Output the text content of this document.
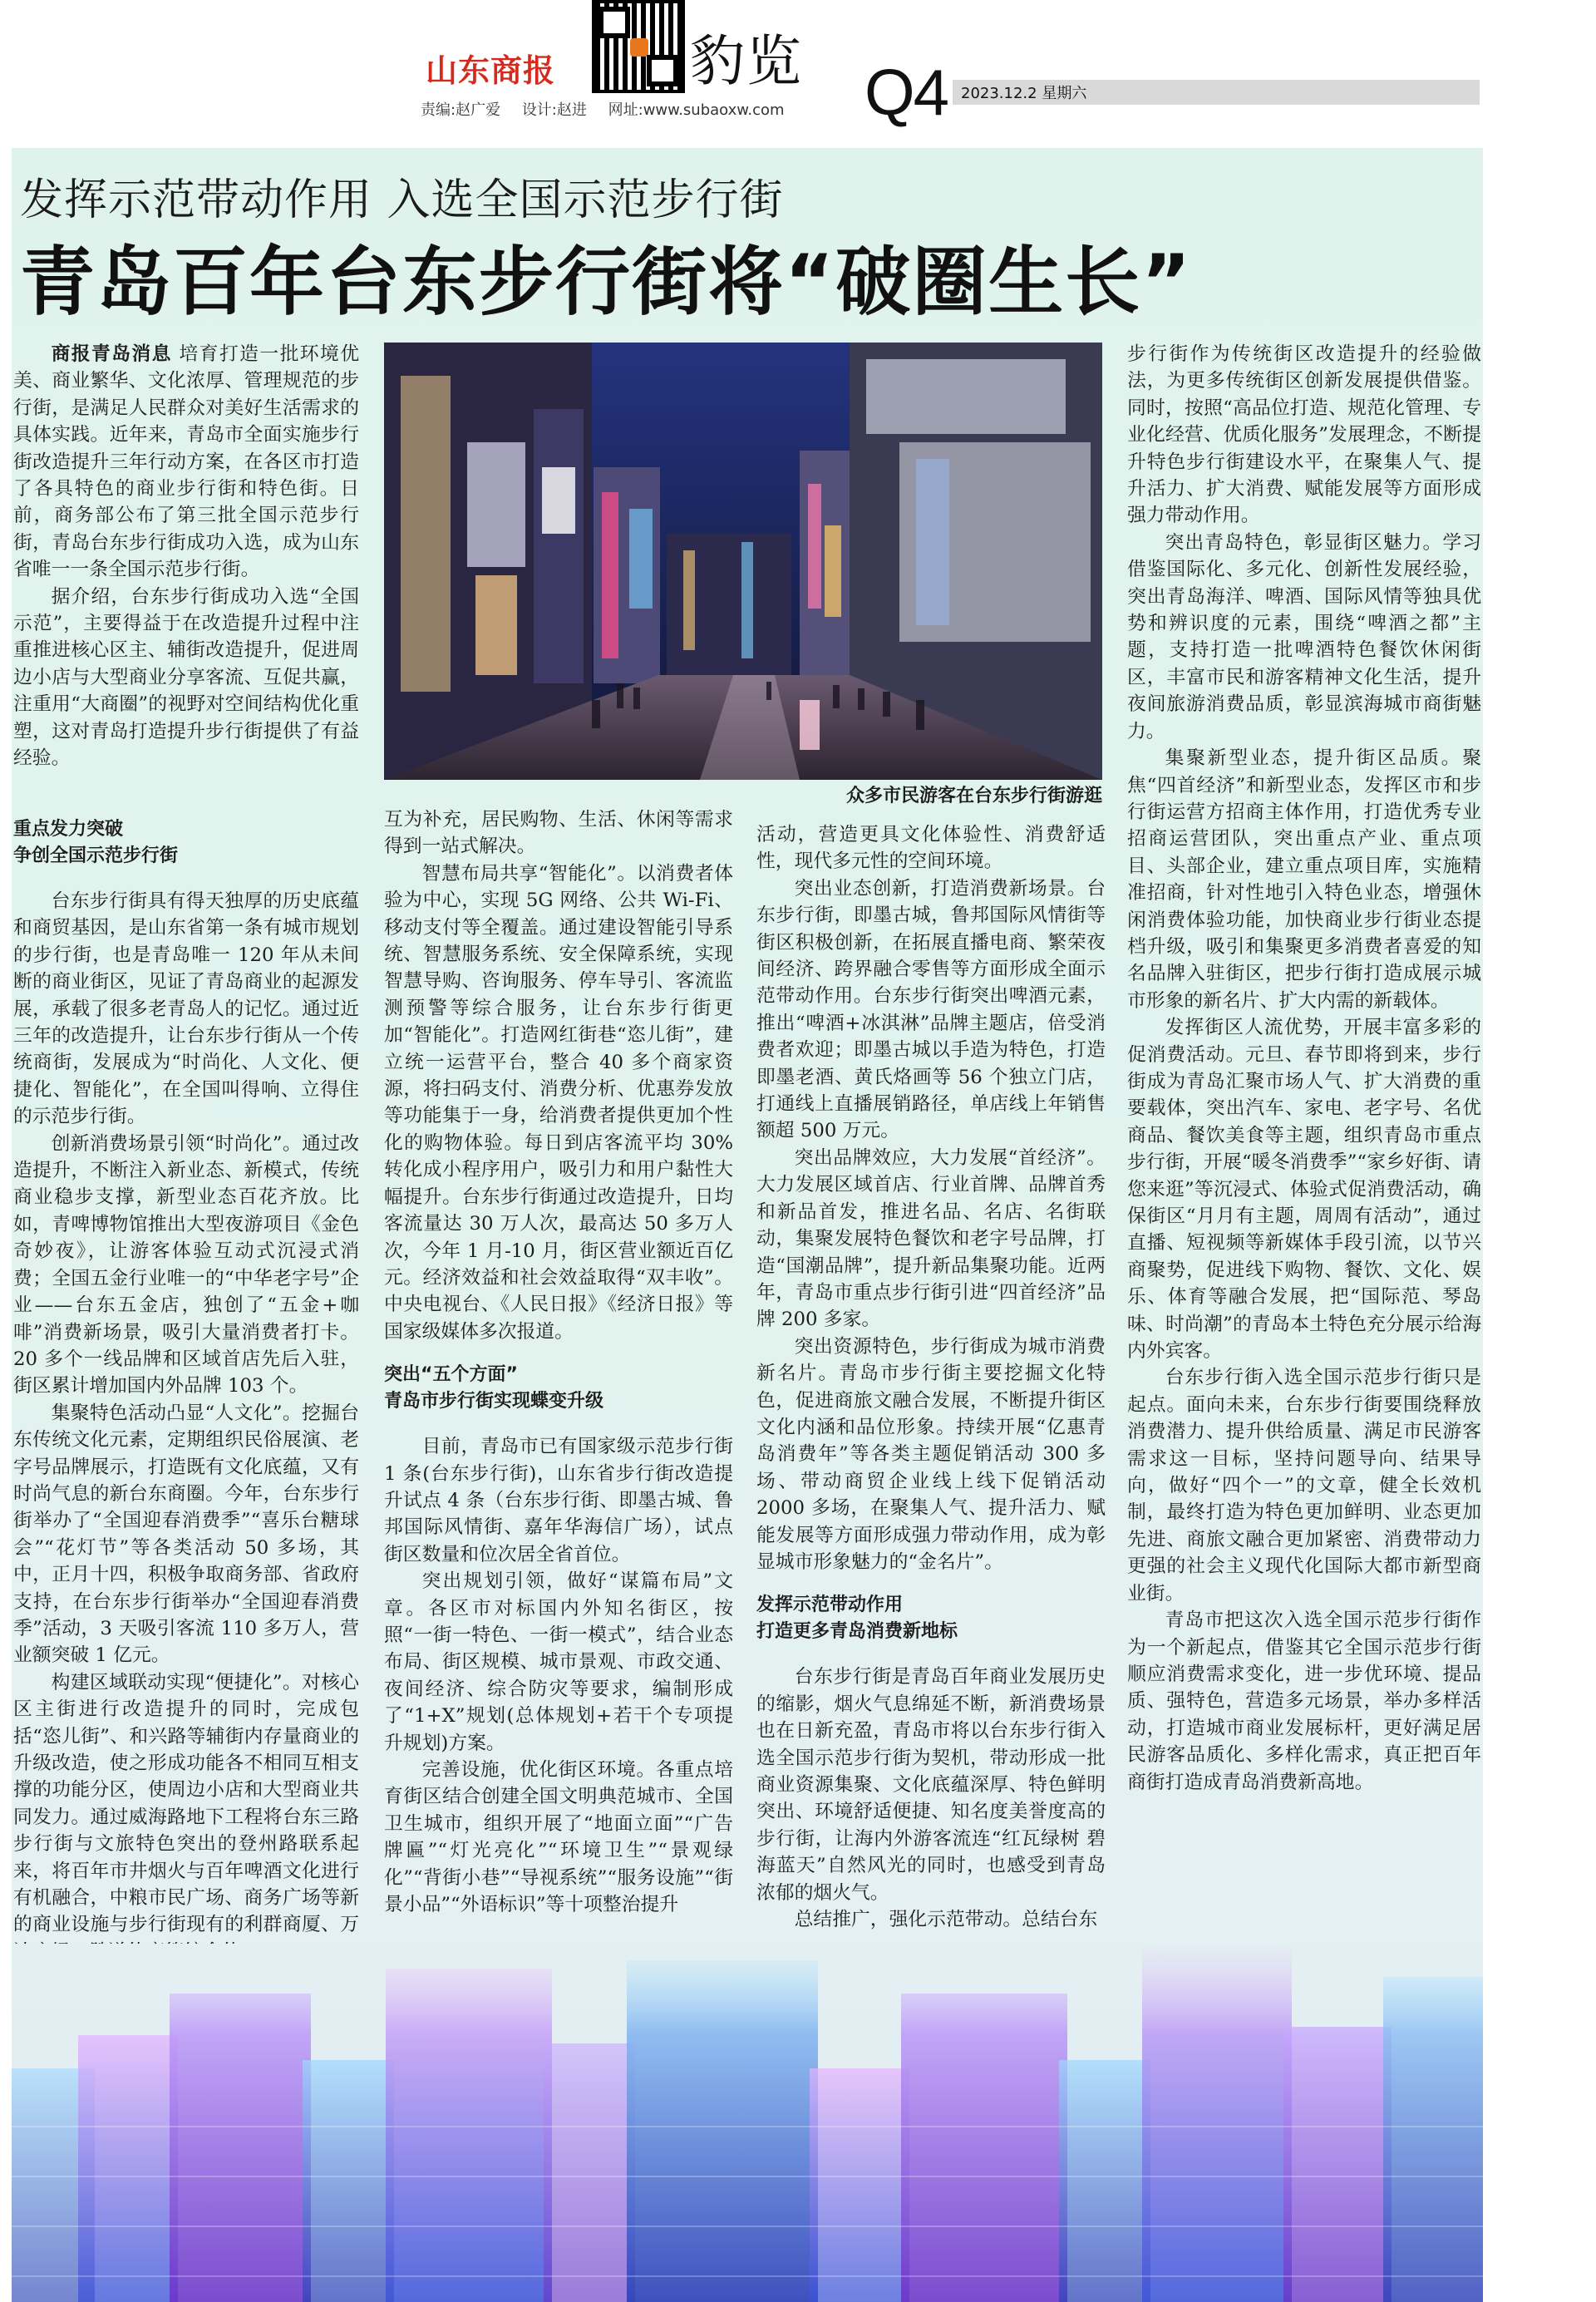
山东商报 豹览
责编:赵广爱 设计:赵进 网址:www.subaoxw.com Q4 2023.12.2 星期六
发挥示范带动作用 入选全国示范步行街
青岛百年台东步行街将“破圈生长”

商报青岛消息 培育打造一批环境优美、商业繁华、文化浓厚、管理规范的步行街，是满足人民群众对美好生活需求的具体实践。近年来，青岛市全面实施步行街改造提升三年行动方案，在各区市打造了各具特色的商业步行街和特色街。日前，商务部公布了第三批全国示范步行街，青岛台东步行街成功入选，成为山东省唯一一条全国示范步行街。

据介绍，台东步行街成功入选“全国示范”，主要得益于在改造提升过程中注重推进核心区主、辅街改造提升，促进周边小店与大型商业分享客流、互促共赢，注重用“大商圈”的视野对空间结构优化重塑，这对青岛打造提升步行街提供了有益经验。

众多市民游客在台东步行街游逛
重点发力突破
争创全国示范步行街

台东步行街具有得天独厚的历史底蕴和商贸基因，是山东省第一条有城市规划的步行街，也是青岛唯一 120 年从未间断的商业街区，见证了青岛商业的起源发展，承载了很多老青岛人的记忆。通过近三年的改造提升，让台东步行街从一个传统商街，发展成为“时尚化、人文化、便捷化、智能化”，在全国叫得响、立得住的示范步行街。

创新消费场景引领“时尚化”。通过改造提升，不断注入新业态、新模式，传统商业稳步支撑，新型业态百花齐放。比如，青啤博物馆推出大型夜游项目《金色奇妙夜》，让游客体验互动式沉浸式消费；全国五金行业唯一的“中华老字号”企业——台东五金店，独创了“五金+咖啡”消费新场景，吸引大量消费者打卡。20 多个一线品牌和区域首店先后入驻，街区累计增加国内外品牌 103 个。

集聚特色活动凸显“人文化”。挖掘台东传统文化元素，定期组织民俗展演、老字号品牌展示，打造既有文化底蕴，又有时尚气息的新台东商圈。今年，台东步行街举办了“全国迎春消费季”“喜乐台糖球会”“花灯节”等各类活动 50 多场，其中，正月十四，积极争取商务部、省政府支持，在台东步行街举办“全国迎春消费季”活动，3 天吸引客流 110 多万人，营业额突破 1 亿元。

构建区域联动实现“便捷化”。对核心区主街进行改造提升的同时，完成包括“恣儿街”、和兴路等辅街内存量商业的升级改造，使之形成功能各不相同互相支撑的功能分区，使周边小店和大型商业共同发力。通过威海路地下工程将台东三路步行街与文旅特色突出的登州路联系起来，将百年市井烟火与百年啤酒文化进行有机融合，中粮市民广场、商务广场等新的商业设施与步行街现有的利群商厦、万

互为补充，居民购物、生活、休闲等需求得到一站式解决。

智慧布局共享“智能化”。以消费者体验为中心，实现 5G 网络、公共 Wi-Fi、移动支付等全覆盖。通过建设智能引导系统、智慧服务系统、安全保障系统，实现智慧导购、咨询服务、停车导引、客流监测预警等综合服务，让台东步行街更加“智能化”。打造网红街巷“恣儿街”，建立统一运营平台，整合 40 多个商家资源，将扫码支付、消费分析、优惠券发放等功能集于一身，给消费者提供更加个性化的购物体验。每日到店客流平均 30%转化成小程序用户，吸引力和用户黏性大幅提升。台东步行街通过改造提升，日均客流量达 30 万人次，最高达 50 多万人次，今年 1 月-10 月，街区营业额近百亿元。经济效益和社会效益取得“双丰收”。中央电视台、《人民日报》《经济日报》等国家级媒体多次报道。

突出“五个方面”
青岛市步行街实现蝶变升级

目前，青岛市已有国家级示范步行街 1 条(台东步行街)，山东省步行街改造提升试点 4 条（台东步行街、即墨古城、鲁邦国际风情街、嘉年华海信广场），试点街区数量和位次居全省首位。

突出规划引领，做好“谋篇布局”文章。各区市对标国内外知名街区，按照“一街一特色、一街一模式”，结合业态布局、街区规模、城市景观、市政交通、夜间经济、综合防灾等要求，编制形成了“1+X”规划(总体规划+若干个专项提升规划)方案。

完善设施，优化街区环境。各重点培育街区结合创建全国文明典范城市、全国卫生城市，组织开展了“地面立面”“广告牌匾”“灯光亮化”“环境卫生”“景观绿化”“背街小巷”“导视系统”“服务设施”“街景小品”“外语标识”等十项整治提升

活动，营造更具文化体验性、消费舒适性，现代多元性的空间环境。

突出业态创新，打造消费新场景。台东步行街，即墨古城，鲁邦国际风情街等街区积极创新，在拓展直播电商、繁荣夜间经济、跨界融合零售等方面形成全面示范带动作用。台东步行街突出啤酒元素，推出“啤酒+冰淇淋”品牌主题店，倍受消费者欢迎；即墨古城以手造为特色，打造即墨老酒、黄氏烙画等 56 个独立门店，打通线上直播展销路径，单店线上年销售额超 500 万元。

突出品牌效应，大力发展“首经济”。大力发展区域首店、行业首牌、品牌首秀和新品首发，推进名品、名店、名街联动，集聚发展特色餐饮和老字号品牌，打造“国潮品牌”，提升新品集聚功能。近两年，青岛市重点步行街引进“四首经济”品牌 200 多家。

突出资源特色，步行街成为城市消费新名片。青岛市步行街主要挖掘文化特色，促进商旅文融合发展，不断提升街区文化内涵和品位形象。持续开展“亿惠青岛消费年”等各类主题促销活动 300 多场、带动商贸企业线上线下促销活动 2000 多场，在聚集人气、提升活力、赋能发展等方面形成强力带动作用，成为彰显城市形象魅力的“金名片”。

发挥示范带动作用
打造更多青岛消费新地标

台东步行街是青岛百年商业发展历史的缩影，烟火气息绵延不断，新消费场景也在日新充盈，青岛市将以台东步行街入选全国示范步行街为契机，带动形成一批商业资源集聚、文化底蕴深厚、特色鲜明突出、环境舒适便捷、知名度美誉度高的步行街，让海内外游客流连“红瓦绿树 碧海蓝天”自然风光的同时，也感受到青岛浓郁的烟火气。

总结推广，强化示范带动。总结台东

步行街作为传统街区改造提升的经验做法，为更多传统街区创新发展提供借鉴。同时，按照“高品位打造、规范化管理、专业化经营、优质化服务”发展理念，不断提升特色步行街建设水平，在聚集人气、提升活力、扩大消费、赋能发展等方面形成强力带动作用。

突出青岛特色，彰显街区魅力。学习借鉴国际化、多元化、创新性发展经验，突出青岛海洋、啤酒、国际风情等独具优势和辨识度的元素，围绕“啤酒之都”主题，支持打造一批啤酒特色餐饮休闲街区，丰富市民和游客精神文化生活，提升夜间旅游消费品质，彰显滨海城市商街魅力。

集聚新型业态，提升街区品质。聚焦“四首经济”和新型业态，发挥区市和步行街运营方招商主体作用，打造优秀专业招商运营团队，突出重点产业、重点项目、头部企业，建立重点项目库，实施精准招商，针对性地引入特色业态，增强休闲消费体验功能，加快商业步行街业态提档升级，吸引和集聚更多消费者喜爱的知名品牌入驻街区，把步行街打造成展示城市形象的新名片、扩大内需的新载体。

发挥街区人流优势，开展丰富多彩的促消费活动。元旦、春节即将到来，步行街成为青岛汇聚市场人气、扩大消费的重要载体，突出汽车、家电、老字号、名优商品、餐饮美食等主题，组织青岛市重点步行街，开展“暖冬消费季”“家乡好街、请您来逛”等沉浸式、体验式促消费活动，确保街区“月月有主题，周周有活动”，通过直播、短视频等新媒体手段引流，以节兴商聚势，促进线下购物、餐饮、文化、娱乐、体育等融合发展，把“国际范、琴岛味、时尚潮”的青岛本土特色充分展示给海内外宾客。

台东步行街入选全国示范步行街只是起点。面向未来，台东步行街要围绕释放消费潜力、提升供给质量、满足市民游客需求这一目标，坚持问题导向、结果导向，做好“四个一”的文章，健全长效机制，最终打造为特色更加鲜明、业态更加先进、商旅文融合更加紧密、消费带动力更强的社会主义现代化国际大都市新型商业街。

青岛市把这次入选全国示范步行街作为一个新起点，借鉴其它全国示范步行街顺应消费需求变化，进一步优环境、提品质、强特色，营造多元场景，举办多样活动，打造城市商业发展标杆，更好满足居民游客品质化、多样化需求，真正把百年商街打造成青岛消费新高地。
